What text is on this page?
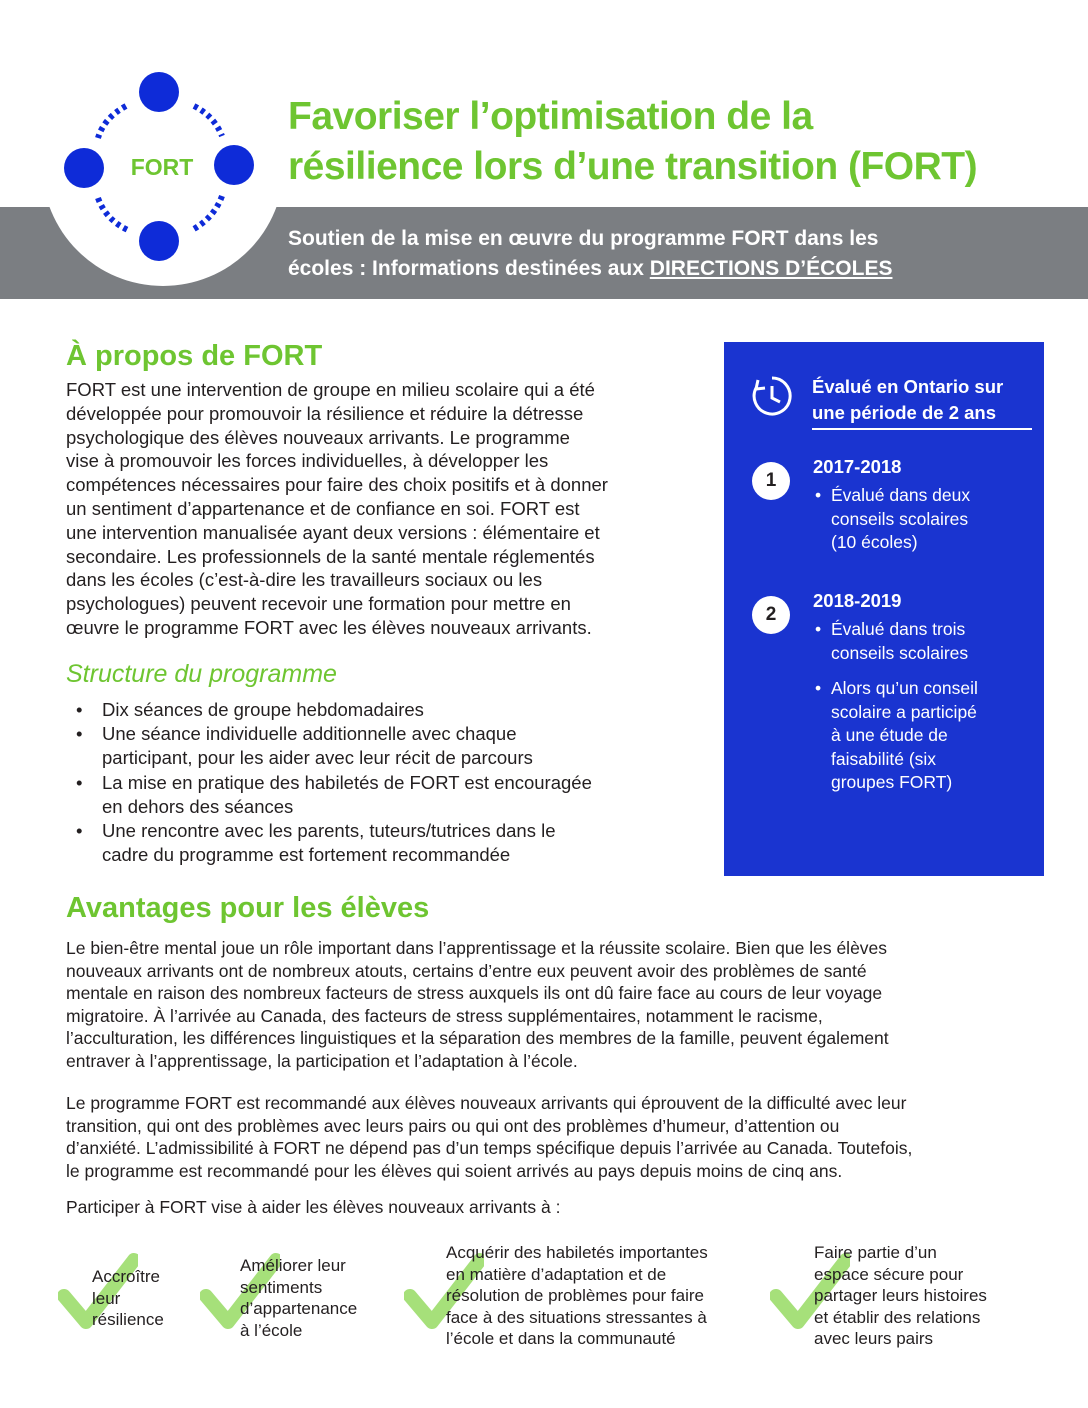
FORT
Favoriser l’optimisation de la
résilience lors d’une transition (FORT)

Soutien de la mise en œuvre du programme FORT dans les
écoles : Informations destinées aux DIRECTIONS D’ÉCOLES

À propos de FORT

FORT est une intervention de groupe en milieu scolaire qui a été
développée pour promouvoir la résilience et réduire la détresse
psychologique des élèves nouveaux arrivants. Le programme
vise à promouvoir les forces individuelles, à développer les
compétences nécessaires pour faire des choix positifs et à donner
un sentiment d’appartenance et de confiance en soi. FORT est
une intervention manualisée ayant deux versions : élémentaire et
secondaire. Les professionnels de la santé mentale réglementés
dans les écoles (c’est-à-dire les travailleurs sociaux ou les
psychologues) peuvent recevoir une formation pour mettre en
œuvre le programme FORT avec les élèves nouveaux arrivants.

Structure du programme
• Dix séances de groupe hebdomadaires
• Une séance individuelle additionnelle avec chaque
participant, pour les aider avec leur récit de parcours
• La mise en pratique des habiletés de FORT est encouragée
en dehors des séances
• Une rencontre avec les parents, tuteurs/tutrices dans le
cadre du programme est fortement recommandée

Évalué en Ontario sur
une période de 2 ans

1

2017-2018

• Évalué dans deux
conseils scolaires
(10 écoles)
2

2018-2019

• Évalué dans trois
conseils scolaires
• Alors qu’un conseil
scolaire a participé
à une étude de
faisabilité (six
groupes FORT)
Avantages pour les élèves

Le bien-être mental joue un rôle important dans l’apprentissage et la réussite scolaire. Bien que les élèves
nouveaux arrivants ont de nombreux atouts, certains d’entre eux peuvent avoir des problèmes de santé
mentale en raison des nombreux facteurs de stress auxquels ils ont dû faire face au cours de leur voyage
migratoire. À l’arrivée au Canada, des facteurs de stress supplémentaires, notamment le racisme,
l’acculturation, les différences linguistiques et la séparation des membres de la famille, peuvent également
entraver à l’apprentissage, la participation et l’adaptation à l’école.

Le programme FORT est recommandé aux élèves nouveaux arrivants qui éprouvent de la difficulté avec leur
transition, qui ont des problèmes avec leurs pairs ou qui ont des problèmes d’humeur, d’attention ou
d’anxiété. L’admissibilité à FORT ne dépend pas d’un temps spécifique depuis l’arrivée au Canada. Toutefois,
le programme est recommandé pour les élèves qui soient arrivés au pays depuis moins de cinq ans.

Participer à FORT vise à aider les élèves nouveaux arrivants à :

Accroître
leur
résilience
Améliorer leur
sentiments
d’appartenance
à l’école
Acquérir des habiletés importantes
en matière d’adaptation et de
résolution de problèmes pour faire
face à des situations stressantes à
l’école et dans la communauté
Faire partie d’un
espace sécure pour
partager leurs histoires
et établir des relations
avec leurs pairs
